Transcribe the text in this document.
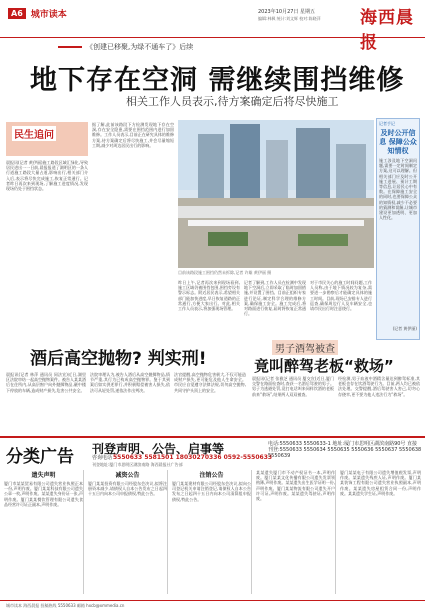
A6 城市读本	2023年10月27日 星期五
编辑:林枫 统计:刘文辉 校对:陈晓萍 海西晨报
《创建已移聚,为绿不通车了》后续
地下存在空洞 需继续围挡维修
相关工作人员表示,待方案确定后将尽快施工
民生追问
晨报讯(记者 黄伊丽)施工路段区域汇绿化,导致居民进出一一日前,晨报报道了湖明区的一条人行道施工路段大量占道,影响出行,相关部门介入后,表示将尽快完成施工,恢复正常通行。记者昨日再次来到现场,了解施工进度情况,发现现场仍处于围挡状态。
据了解,此前该路段下方检测发现地下存在空洞,存在安全隐患,需要在围挡范围内进行加固维修。工作人员表示,目前正在研究具体的维修方案,待方案确定后将尽快施工,并会尽量缩短工期,减少对周边居民出行的影响。
目前该路段施工围挡仍然未拆除,记者 许雄 黄伊丽 摄
昨日上午,记者再次来到现场看到,施工区域仍被围挡包围,围挡旁设有警示标志。附近居民表示,希望相关部门能加快进度,早日恢复道路的正常通行,方便大家出行。对此,相关工作人员表示,将加强现场管理。
记者了解到,工作人员在检测中发现地下空洞后,立即采取了临时加固措施,并设置了围挡。目前正组织专家进行论证,制定科学合理的维修方案,确保施工安全。施工完成后,将对路面进行恢复,届时将恢复正常通行。
对于市民关心的施工时间问题,工作人员称,由于地下情况较为复杂,需要进一步勘察后才能确定具体的施工时间。目前,现场已安排专人进行巡查,确保周边行人及车辆安全,也请市民出行时注意绕行。
记者手记
及时公开信息 保障公众知情权
施工涉及地下空洞问题,需要一定时间制定方案,这可以理解。但相关部门应及时公开施工进展、预计工期等信息,让居民心中有数。在保障施工安全的同时,也要保障公众的知情权,减少不必要的猜测和误解,让城市建设更加透明、更加人性化。
(记者 黄伊丽)
酒后高空抛物? 判实刑!
晨报讯(记者 林萍 通讯员 同法宣)近日,湖里区法院审结一起高空抛物案件。被告人某某酒后在住所内,从高层窗户向外抛掷物品,砸中楼下停放的车辆,造成财产损失,危害公共安全。
法院审理认为,被告人酒后从高空抛掷物品,情节严重,其行为已构成高空抛物罪。鉴于其到案后如实供述罪行,并积极赔偿被害人损失,依法可从轻处罚,遂依法作出判决。
法官提醒,高空抛物危害极大,不仅可能造成财产损失,更可能危及他人生命安全。市民应自觉遵守法律法规,切勿高空抛物,共同守护头顶上的安全。
男子酒驾被查
竟叫醉驾老板“救场”
晨报讯(记者 张雅芝 通讯员 厦交宣)近日,厦门交警在路面检查时,查获一名酒后驾驶的男子。男子为逃避处罚,竟打电话叫来同样饮酒的老板前来“救场”,结果两人双双被查。
经检测,男子血液中酒精含量达到醉驾标准,其老板也存在饮酒驾驶行为。目前,两人均已被依法处理。交警提醒,酒后驾驶害人害己,切勿心存侥幸,更不要为他人违法行为“救场”。
分类广告 刊登声明、公告、启事等
咨询电话 5550633 5581501 18030270336 0592-5550633
刊登地址:厦门市思明区湖滨南路 海西晨报社广告部
电话:5550633 5550633-1 地址:厦门市思明区湖滨南路90号 直接刊登:5550633 5550634 5550635 5550636 5550637 5550638 5550639
遗失声明
厦门市某某贸易有限公司遗失营业执照正本一份,声明作废。厦门某某科技有限公司遗失公章一枚,声明作废。某某遗失身份证一张,声明作废。厦门某某餐饮管理有限公司遗失食品经营许可证正副本,声明作废。
减资公告
厦门某某投资有限公司经股东会决议,拟将注册资本减少,请债权人自本公告发布之日起四十五日内向本公司申报债权,特此公告。
注销公告
厦门某某建材有限公司经股东会决议,拟向公司登记机关申请注销登记,请债权人自本公告发布之日起四十五日内向本公司清算组申报债权,特此公告。
某某遗失厦门市不动产权证书一本,声明作废。厦门某某文化传播有限公司遗失发票领购簿,声明作废。某某遗失出生医学证明一份,声明作废。厦门某某物流有限公司遗失开户许可证,声明作废。某某遗失驾驶证,声明作废。
厦门某某电子有限公司遗失增值税发票,声明作废。某某遗失残疾人证,声明作废。厦门某某装饰工程有限公司遗失营业执照副本,声明作废。某某遗失房屋租赁合同一份,声明作废。某某遗失学生证,声明作废。
城市读本 海西晨报 投稿热线 5550633 邮箱 hxcb@xmmedia.cn
